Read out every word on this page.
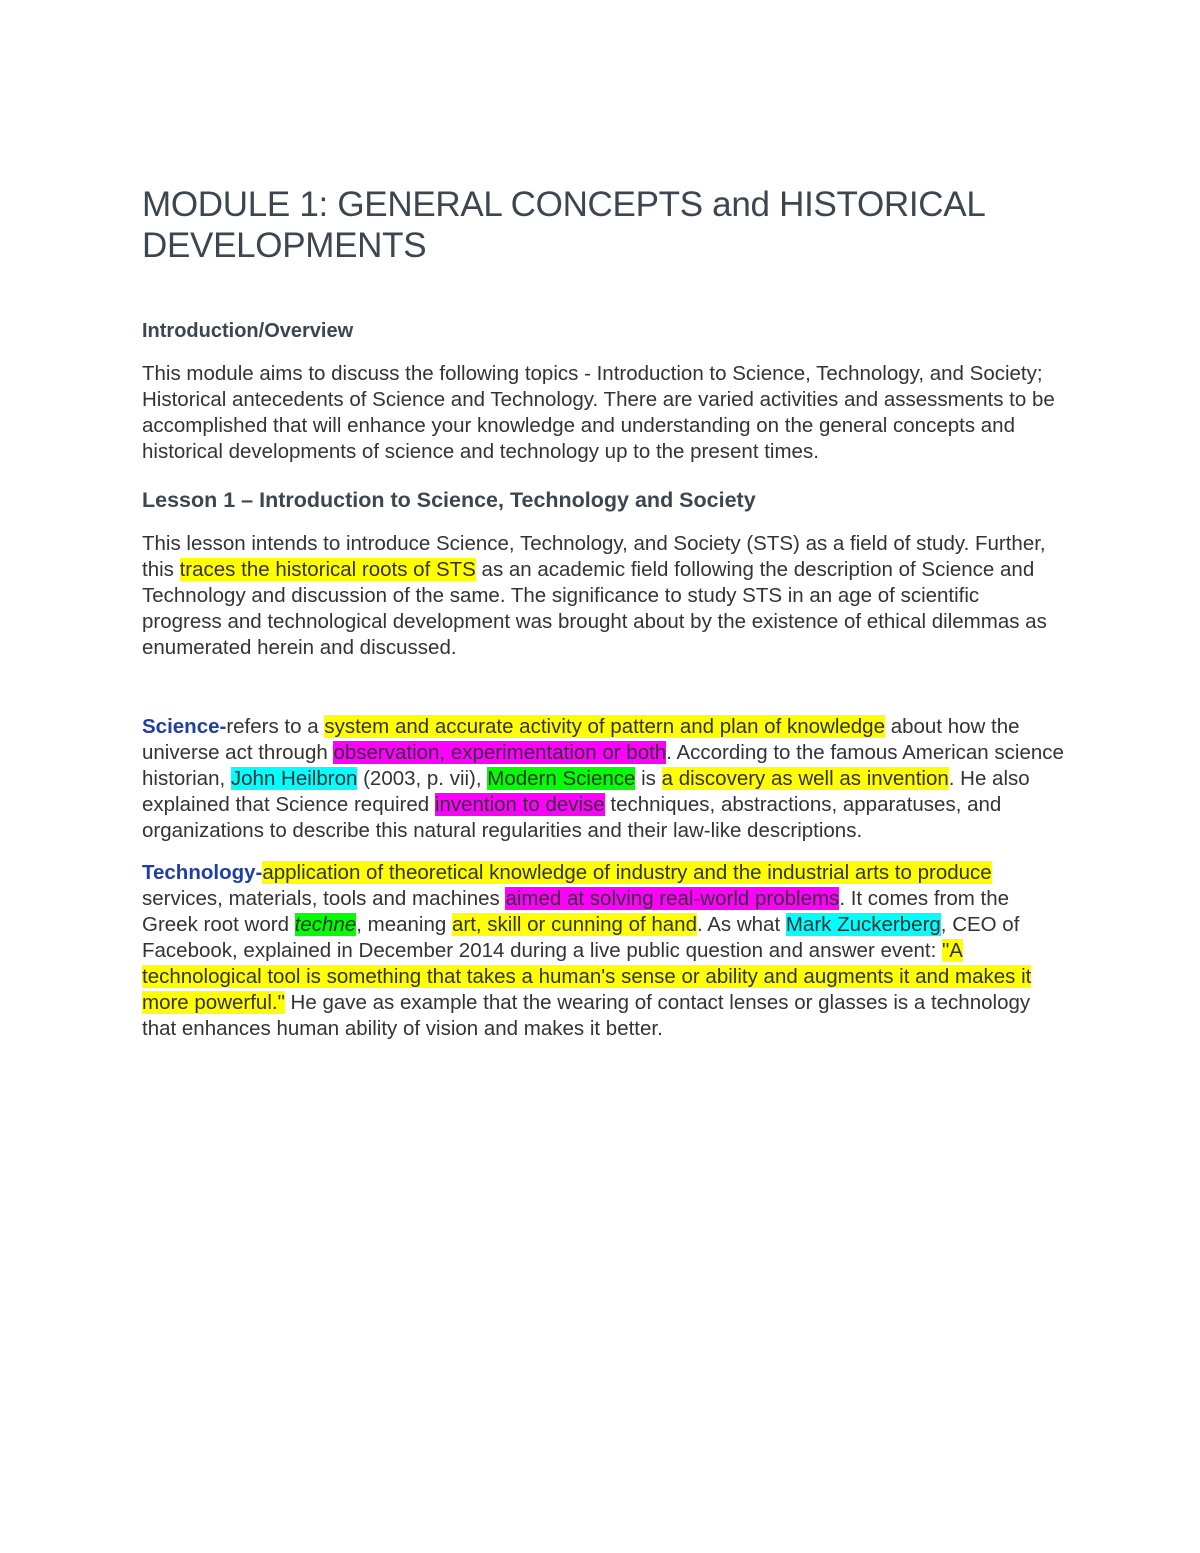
MODULE 1: GENERAL CONCEPTS and HISTORICAL DEVELOPMENTS
Introduction/Overview

This module aims to discuss the following topics - Introduction to Science, Technology, and Society; Historical antecedents of Science and Technology. There are varied activities and assessments to be accomplished that will enhance your knowledge and understanding on the general concepts and historical developments of science and technology up to the present times.

Lesson 1 – Introduction to Science, Technology and Society

This lesson intends to introduce Science, Technology, and Society (STS) as a field of study. Further, this traces the historical roots of STS as an academic field following the description of Science and Technology and discussion of the same. The significance to study STS in an age of scientific progress and technological development was brought about by the existence of ethical dilemmas as enumerated herein and discussed.

Science-refers to a system and accurate activity of pattern and plan of knowledge about how the universe act through observation, experimentation or both. According to the famous American science historian, John Heilbron (2003, p. vii), Modern Science is a discovery as well as invention. He also explained that Science required invention to devise techniques, abstractions, apparatuses, and organizations to describe this natural regularities and their law-like descriptions.

Technology-application of theoretical knowledge of industry and the industrial arts to produce services, materials, tools and machines aimed at solving real-world problems. It comes from the Greek root word techne, meaning art, skill or cunning of hand. As what Mark Zuckerberg, CEO of Facebook, explained in December 2014 during a live public question and answer event: "A technological tool is something that takes a human's sense or ability and augments it and makes it more powerful." He gave as example that the wearing of contact lenses or glasses is a technology that enhances human ability of vision and makes it better.
